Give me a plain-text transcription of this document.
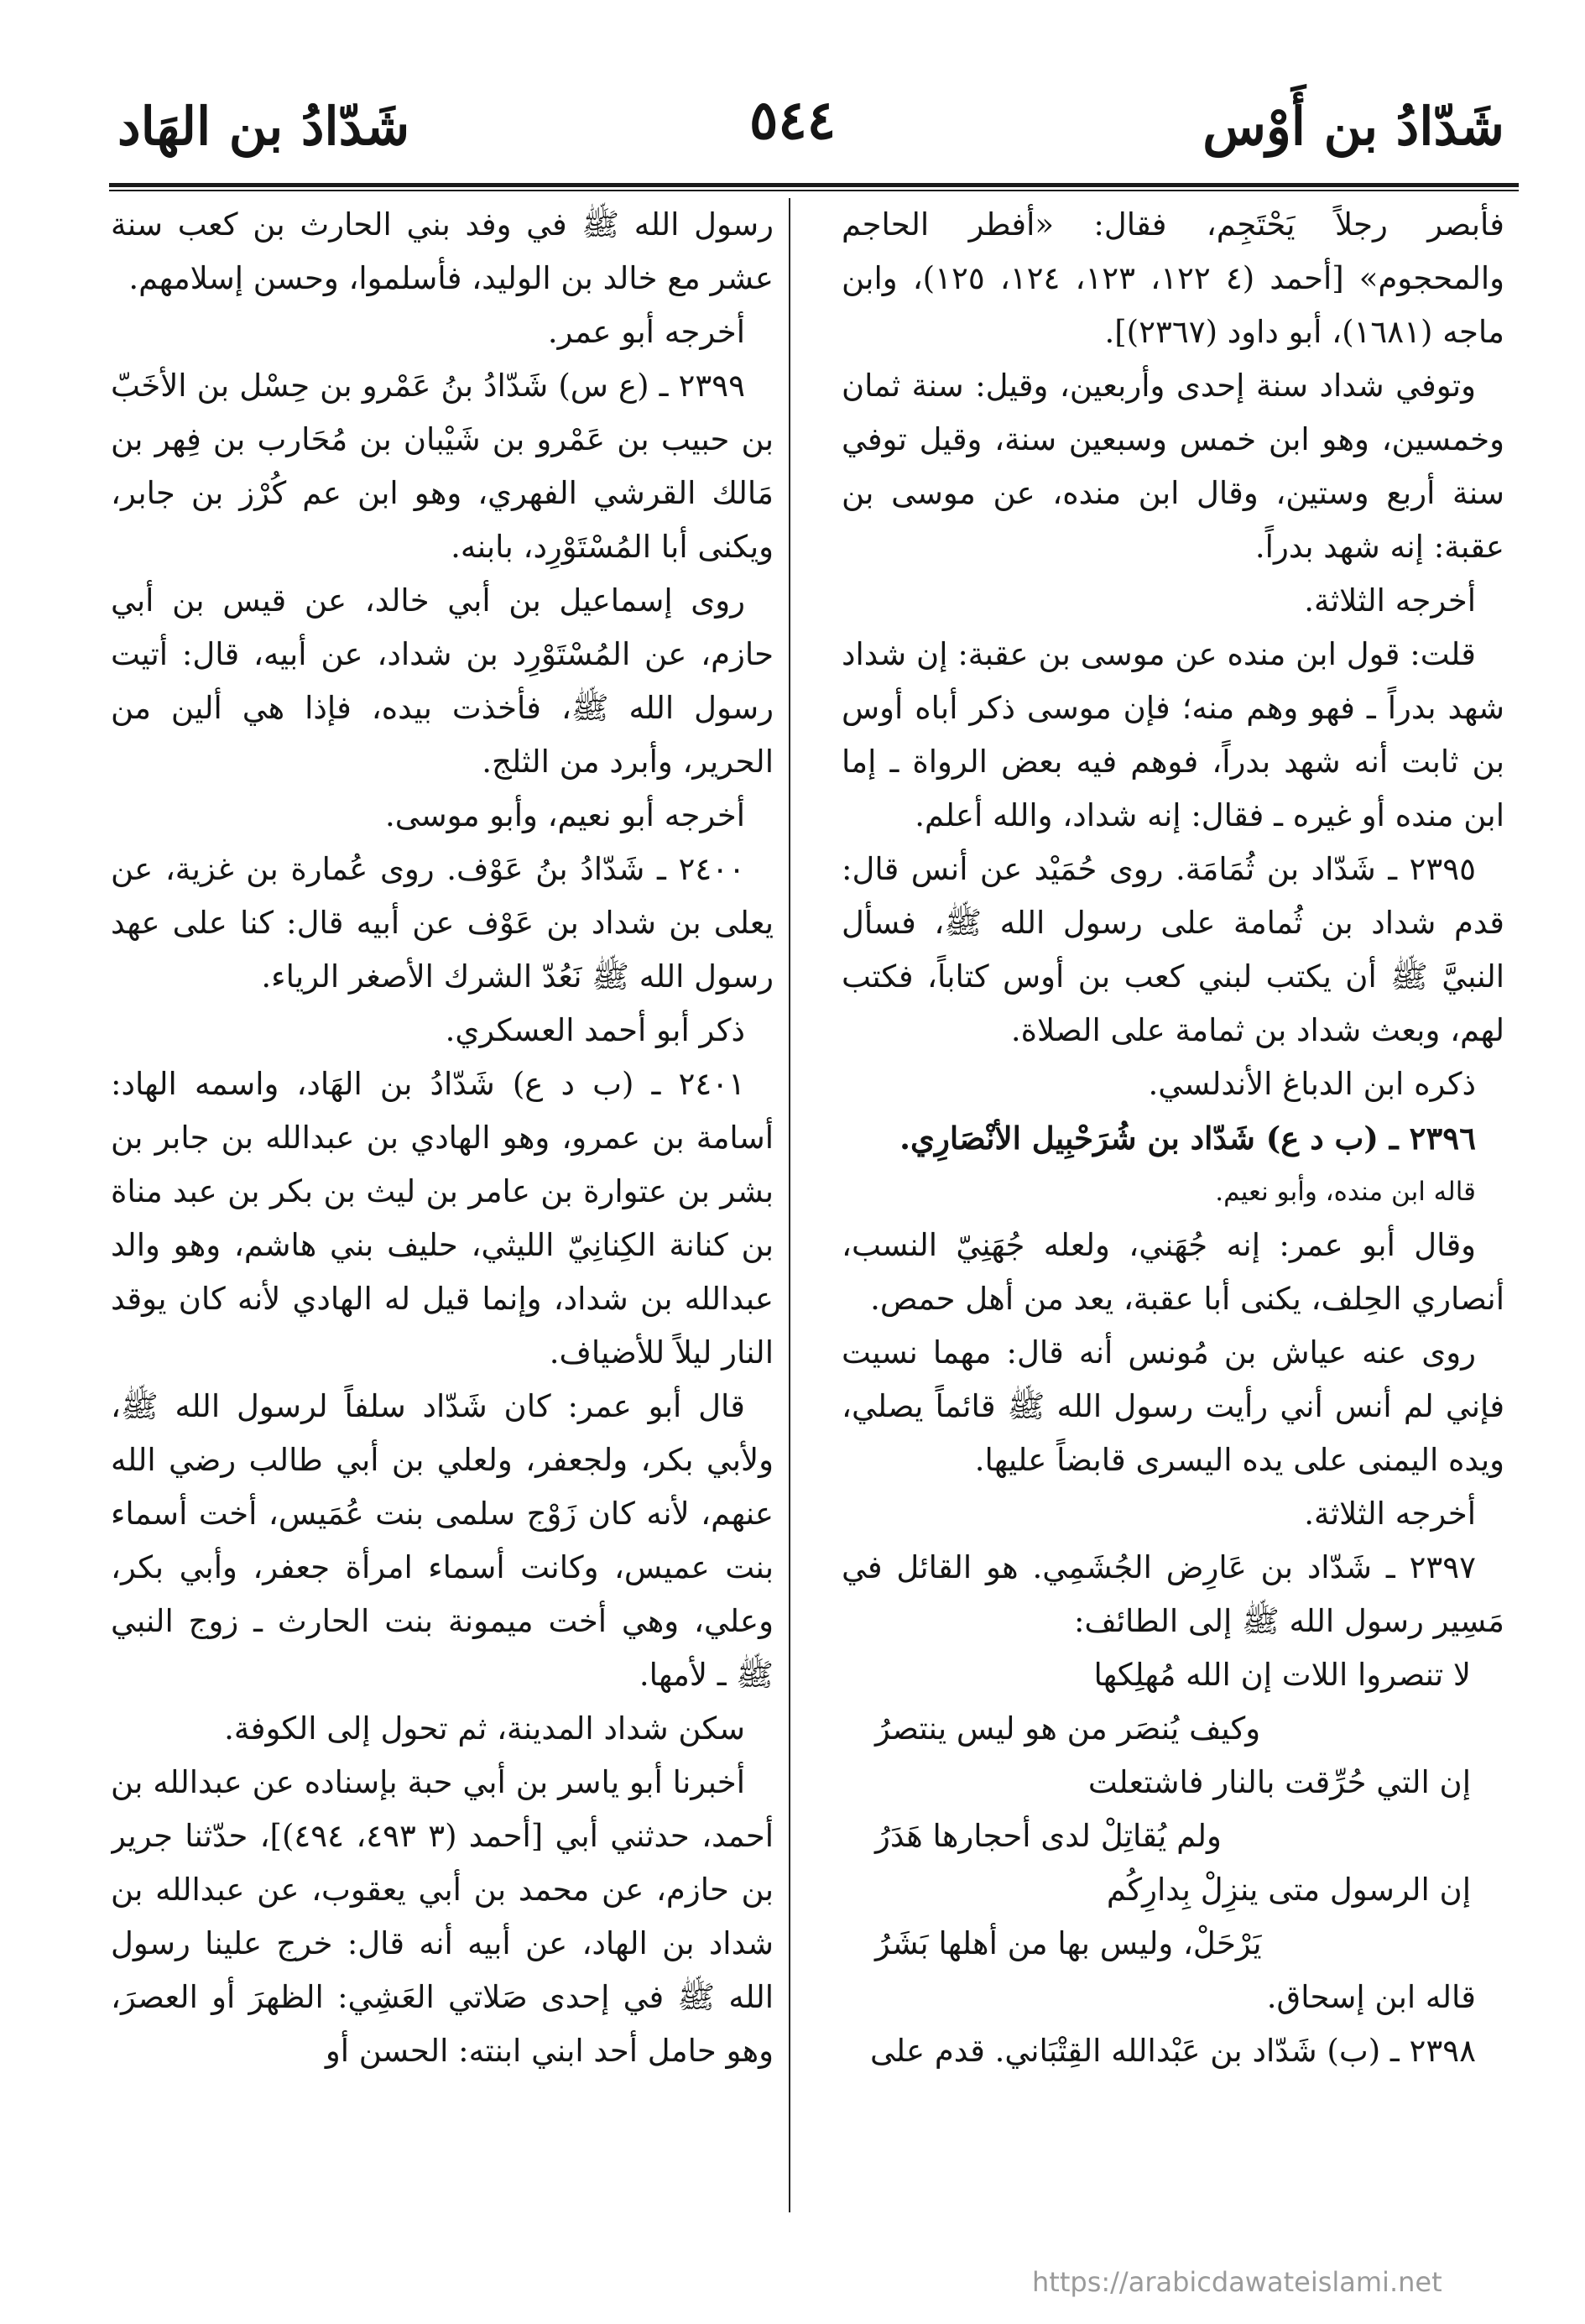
شَدّادُ بن أَوْس
٥٤٤
شَدّادُ بن الهَاد

فأبصر رجلاً يَحْتَجِم، فقال: «أفطر الحاجم والمحجوم» [أحمد (٤ ١٢٢، ١٢٣، ١٢٤، ١٢٥)، وابن ماجه (١٦٨١)، أبو داود (٢٣٦٧)].

وتوفي شداد سنة إحدى وأربعين، وقيل: سنة ثمان وخمسين، وهو ابن خمس وسبعين سنة، وقيل توفي سنة أربع وستين، وقال ابن منده، عن موسى بن عقبة: إنه شهد بدراً.

أخرجه الثلاثة.

قلت: قول ابن منده عن موسى بن عقبة: إن شداد شهد بدراً ـ فهو وهم منه؛ فإن موسى ذكر أباه أوس بن ثابت أنه شهد بدراً، فوهم فيه بعض الرواة ـ إما ابن منده أو غيره ـ فقال: إنه شداد، والله أعلم.

٢٣٩٥ ـ شَدّاد بن ثُمَامَة. روى حُمَيْد عن أنس قال: قدم شداد بن ثُمامة على رسول الله ﷺ، فسأل النبيَّ ﷺ أن يكتب لبني كعب بن أوس كتاباً، فكتب لهم، وبعث شداد بن ثمامة على الصلاة.

ذكره ابن الدباغ الأندلسي.

٢٣٩٦ ـ (ب د ع) شَدّاد بن شُرَحْبِيل الأنْصَارِي.

قاله ابن منده، وأبو نعيم.

وقال أبو عمر: إنه جُهَني، ولعله جُهَنِيّ النسب، أنصاري الحِلف، يكنى أبا عقبة، يعد من أهل حمص.

روى عنه عياش بن مُونس أنه قال: مهما نسيت فإني لم أنس أني رأيت رسول الله ﷺ قائماً يصلي، ويده اليمنى على يده اليسرى قابضاً عليها.

أخرجه الثلاثة.

٢٣٩٧ ـ شَدّاد بن عَارِض الجُشَمِي. هو القائل في مَسِير رسول الله ﷺ إلى الطائف:

لا تنصروا اللات إن الله مُهلِكها

وكيف يُنصَر من هو ليس ينتصرُ

إن التي حُرِّقت بالنار فاشتعلت

ولم يُقاتِلْ لدى أحجارها هَدَرُ

إن الرسول متى ينزِلْ بِدارِكُم

يَرْحَلْ، وليس بها من أهلها بَشَرُ

قاله ابن إسحاق.

٢٣٩٨ ـ (ب) شَدّاد بن عَبْدالله القِتْبَاني. قدم على

رسول الله ﷺ في وفد بني الحارث بن كعب سنة عشر مع خالد بن الوليد، فأسلموا، وحسن إسلامهم.

أخرجه أبو عمر.

٢٣٩٩ ـ (ع س) شَدّادُ بنُ عَمْرو بن حِسْل بن الأخَبّ بن حبيب بن عَمْرو بن شَيْبان بن مُحَارب بن فِهر بن مَالك القرشي الفهري، وهو ابن عم كُرْز بن جابر، ويكنى أبا المُسْتَوْرِد، بابنه.

روى إسماعيل بن أبي خالد، عن قيس بن أبي حازم، عن المُسْتَوْرِد بن شداد، عن أبيه، قال: أتيت رسول الله ﷺ، فأخذت بيده، فإذا هي ألين من الحرير، وأبرد من الثلج.

أخرجه أبو نعيم، وأبو موسى.

٢٤٠٠ ـ شَدّادُ بنُ عَوْف. روى عُمارة بن غزية، عن يعلى بن شداد بن عَوْف عن أبيه قال: كنا على عهد رسول الله ﷺ نَعُدّ الشرك الأصغر الرياء.

ذكر أبو أحمد العسكري.

٢٤٠١ ـ (ب د ع) شَدّادُ بن الهَاد، واسمه الهاد: أسامة بن عمرو، وهو الهادي بن عبدالله بن جابر بن بشر بن عتوارة بن عامر بن ليث بن بكر بن عبد مناة بن كنانة الكِنانِيّ الليثي، حليف بني هاشم، وهو والد عبدالله بن شداد، وإنما قيل له الهادي لأنه كان يوقد النار ليلاً للأضياف.

قال أبو عمر: كان شَدّاد سلفاً لرسول الله ﷺ، ولأبي بكر، ولجعفر، ولعلي بن أبي طالب رضي الله عنهم، لأنه كان زَوْج سلمى بنت عُمَيس، أخت أسماء بنت عميس، وكانت أسماء امرأة جعفر، وأبي بكر، وعلي، وهي أخت ميمونة بنت الحارث ـ زوج النبي ﷺ ـ لأمها.

سكن شداد المدينة، ثم تحول إلى الكوفة.

أخبرنا أبو ياسر بن أبي حبة بإسناده عن عبدالله بن أحمد، حدثني أبي [أحمد (٣ ٤٩٣، ٤٩٤)]، حدّثنا جرير بن حازم، عن محمد بن أبي يعقوب، عن عبدالله بن شداد بن الهاد، عن أبيه أنه قال: خرج علينا رسول الله ﷺ في إحدى صَلاتي العَشِي: الظهرَ أو العصرَ، وهو حامل أحد ابني ابنته: الحسن أو

https://arabicdawateislami.net
